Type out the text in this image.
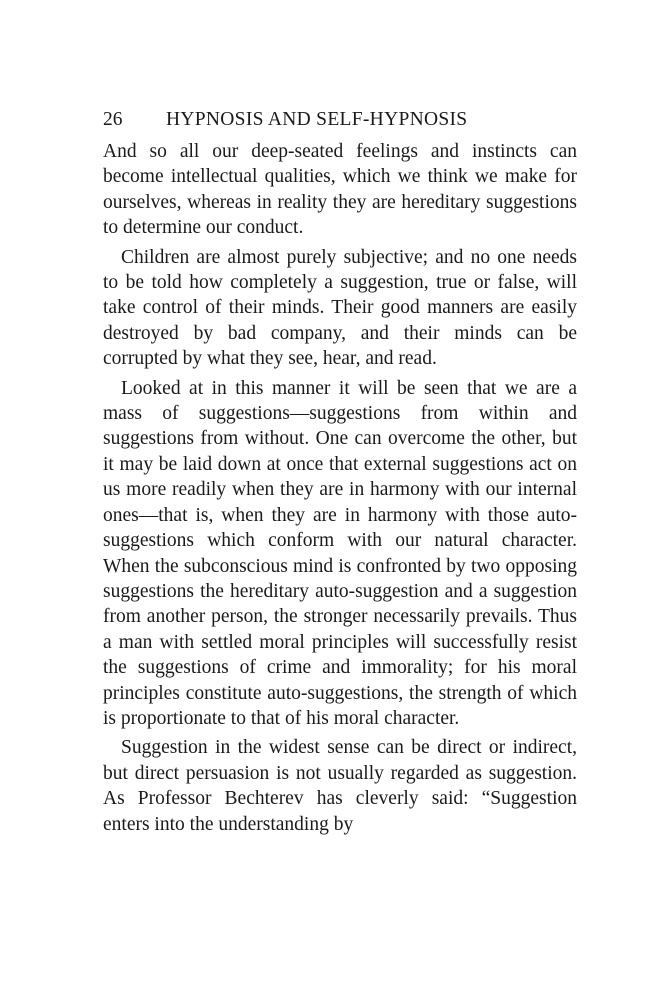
26 HYPNOSIS AND SELF-HYPNOSIS

And so all our deep-seated feelings and instincts can become intellectual qualities, which we think we make for ourselves, whereas in reality they are hereditary suggestions to determine our conduct.

Children are almost purely subjective; and no one needs to be told how completely a suggestion, true or false, will take control of their minds. Their good manners are easily destroyed by bad company, and their minds can be corrupted by what they see, hear, and read.

Looked at in this manner it will be seen that we are a mass of suggestions—suggestions from within and suggestions from without. One can overcome the other, but it may be laid down at once that external suggestions act on us more readily when they are in harmony with our internal ones—that is, when they are in harmony with those auto-suggestions which conform with our natural character. When the subconscious mind is confronted by two opposing suggestions the hereditary auto-suggestion and a suggestion from another person, the stronger necessarily prevails. Thus a man with settled moral principles will successfully resist the suggestions of crime and immorality; for his moral principles constitute auto-suggestions, the strength of which is proportionate to that of his moral character.

Suggestion in the widest sense can be direct or indirect, but direct persuasion is not usually regarded as suggestion. As Professor Bechterev has cleverly said: “Suggestion enters into the understanding by
